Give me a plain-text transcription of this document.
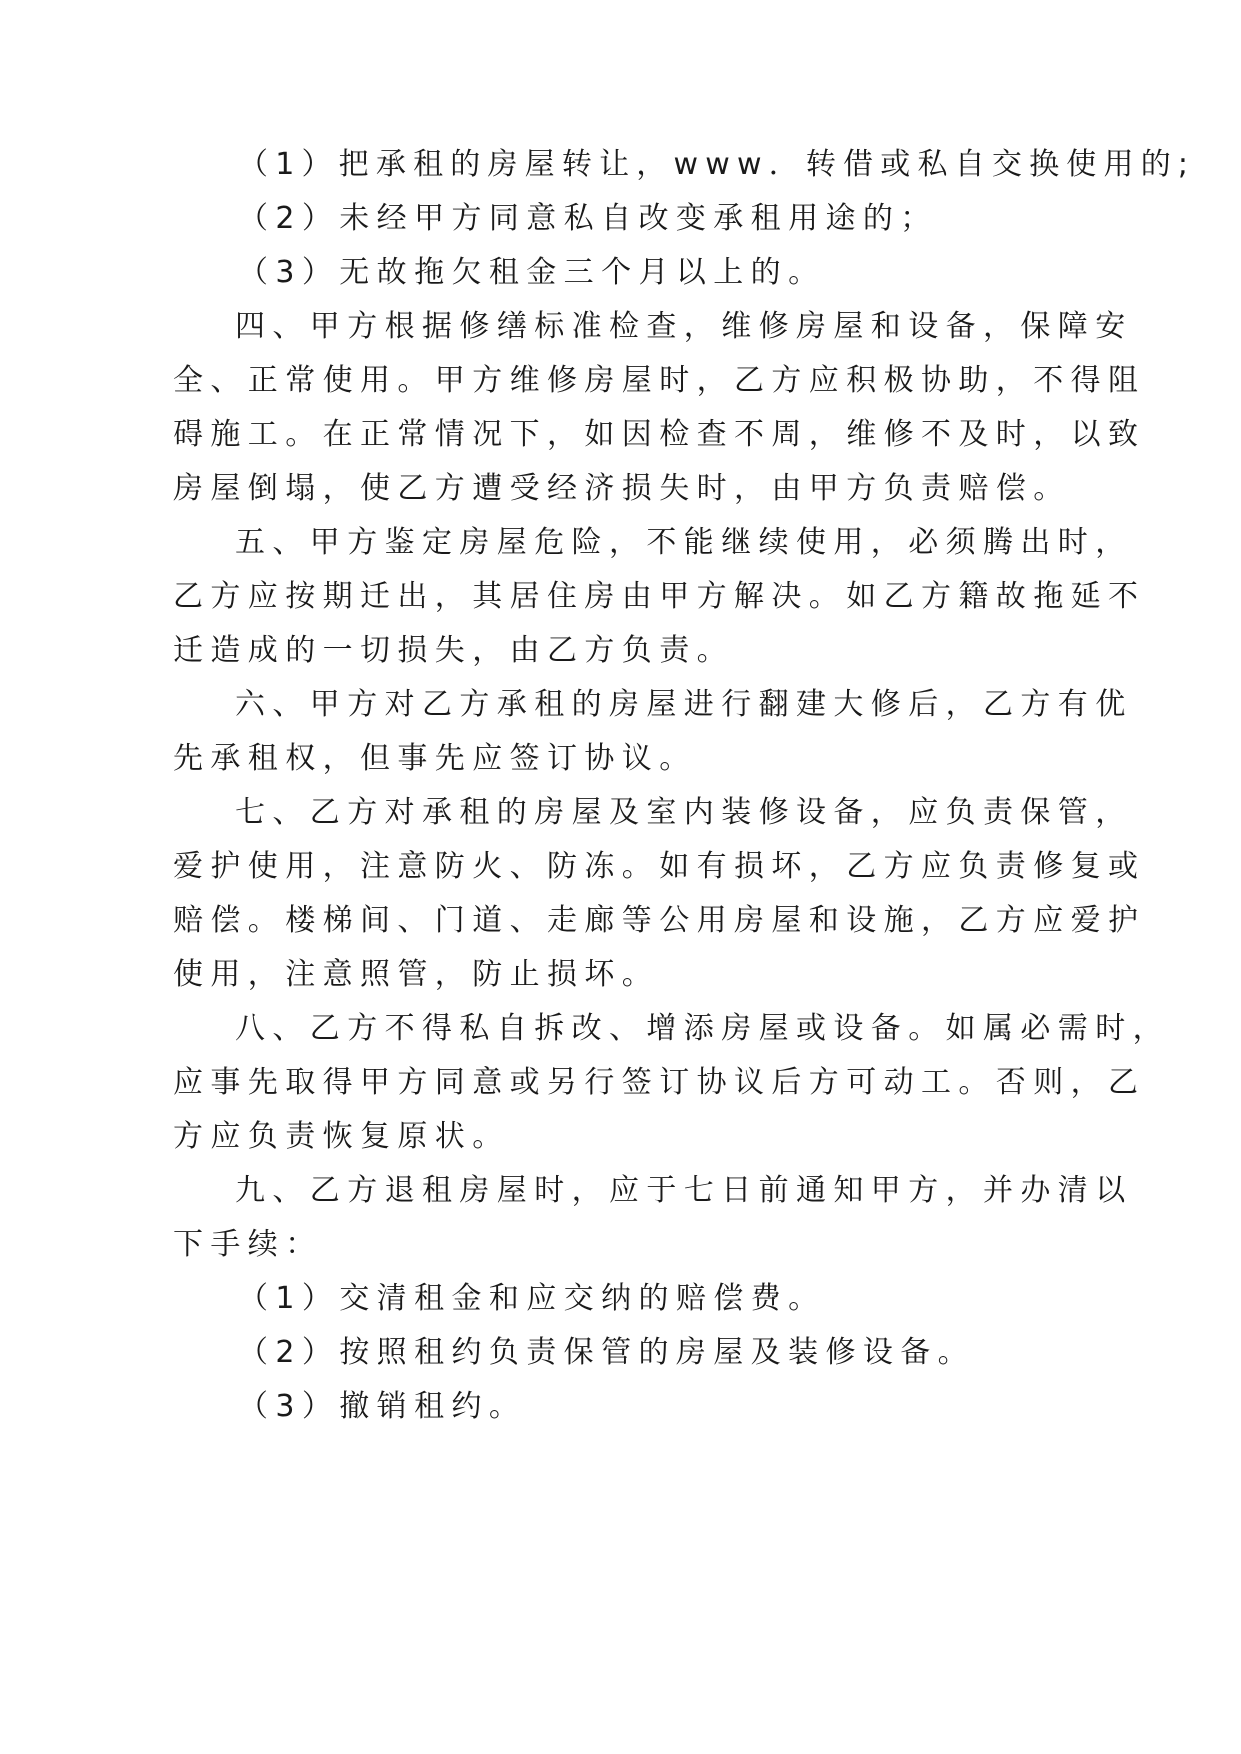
（1）把承租的房屋转让，www．转借或私自交换使用的;
（2）未经甲方同意私自改变承租用途的；
（3）无故拖欠租金三个月以上的。
四、甲方根据修缮标准检查，维修房屋和设备，保障安
全、正常使用。甲方维修房屋时，乙方应积极协助，不得阻
碍施工。在正常情况下，如因检查不周，维修不及时，以致
房屋倒塌，使乙方遭受经济损失时，由甲方负责赔偿。
五、甲方鉴定房屋危险，不能继续使用，必须腾出时，
乙方应按期迁出，其居住房由甲方解决。如乙方籍故拖延不
迁造成的一切损失，由乙方负责。
六、甲方对乙方承租的房屋进行翻建大修后，乙方有优
先承租权，但事先应签订协议。
七、乙方对承租的房屋及室内装修设备，应负责保管，
爱护使用，注意防火、防冻。如有损坏，乙方应负责修复或
赔偿。楼梯间、门道、走廊等公用房屋和设施，乙方应爱护
使用，注意照管，防止损坏。
八、乙方不得私自拆改、增添房屋或设备。如属必需时，
应事先取得甲方同意或另行签订协议后方可动工。否则，乙
方应负责恢复原状。
九、乙方退租房屋时，应于七日前通知甲方，并办清以
下手续：
（1）交清租金和应交纳的赔偿费。
（2）按照租约负责保管的房屋及装修设备。
（3）撤销租约。
